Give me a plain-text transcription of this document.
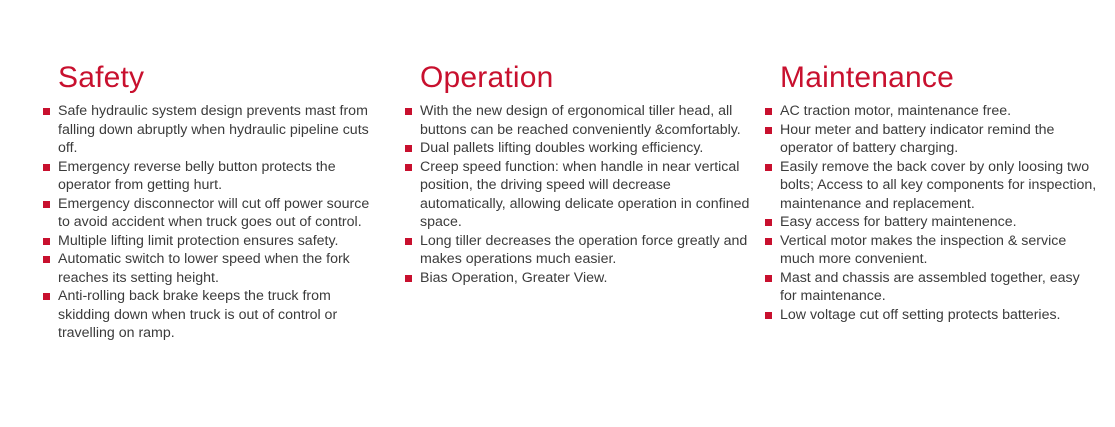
Safety
Safe hydraulic system design prevents mast from falling down abruptly when hydraulic pipeline cuts off.
Emergency reverse belly button protects the operator from getting hurt.
Emergency disconnector will cut off power source to avoid accident when truck goes out of control.
Multiple lifting limit protection ensures safety.
Automatic switch to lower speed when the fork reaches its setting height.
Anti-rolling back brake keeps the truck from skidding down when truck is out of control or travelling on ramp.
Operation
With the new design of ergonomical tiller head, all buttons can be reached conveniently &comfortably.
Dual pallets lifting doubles working efficiency.
Creep speed function: when handle in near vertical position, the driving speed will decrease automatically, allowing delicate operation in confined space.
Long tiller decreases the operation force greatly and makes operations much easier.
Bias Operation, Greater View.
Maintenance
AC traction motor, maintenance free.
Hour meter and battery indicator remind the operator of battery charging.
Easily remove the back cover by only loosing two bolts; Access to all key components for inspection, maintenance and replacement.
Easy access for battery maintenence.
Vertical motor makes the inspection & service much more convenient.
Mast and chassis are assembled together, easy for maintenance.
Low voltage cut off setting protects batteries.
